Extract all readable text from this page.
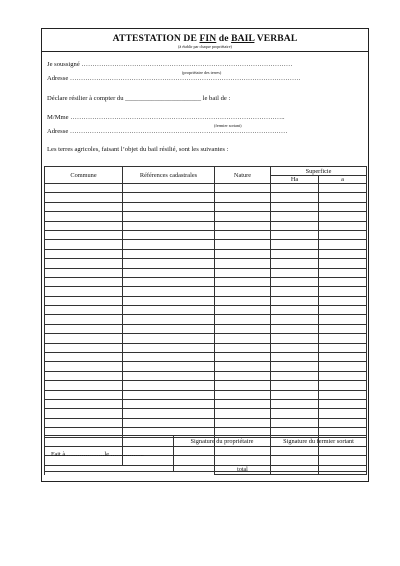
ATTESTATION DE FIN de BAIL VERBAL
(à établir par chaque propriétaire)
Je soussigné ……………………………………………………………………………………
(propriétaire des terres)
Adresse ……………………………………………………………………………………………
Déclare résilier à compter du _______________________ le bail de :
M/Mme ……………………………………………………………………………………..
(fermier sortant)
Adresse ………………………………………………………………………………………
Les terres agricoles, faisant l’objet du bail résilié, sont les suivantes :
Commune	Références cadastrales	Nature	Superficie	
			Ha	a

		total		
Fait à ………………le …………….	Signature du propriétaire	Signature du fermier sortant
